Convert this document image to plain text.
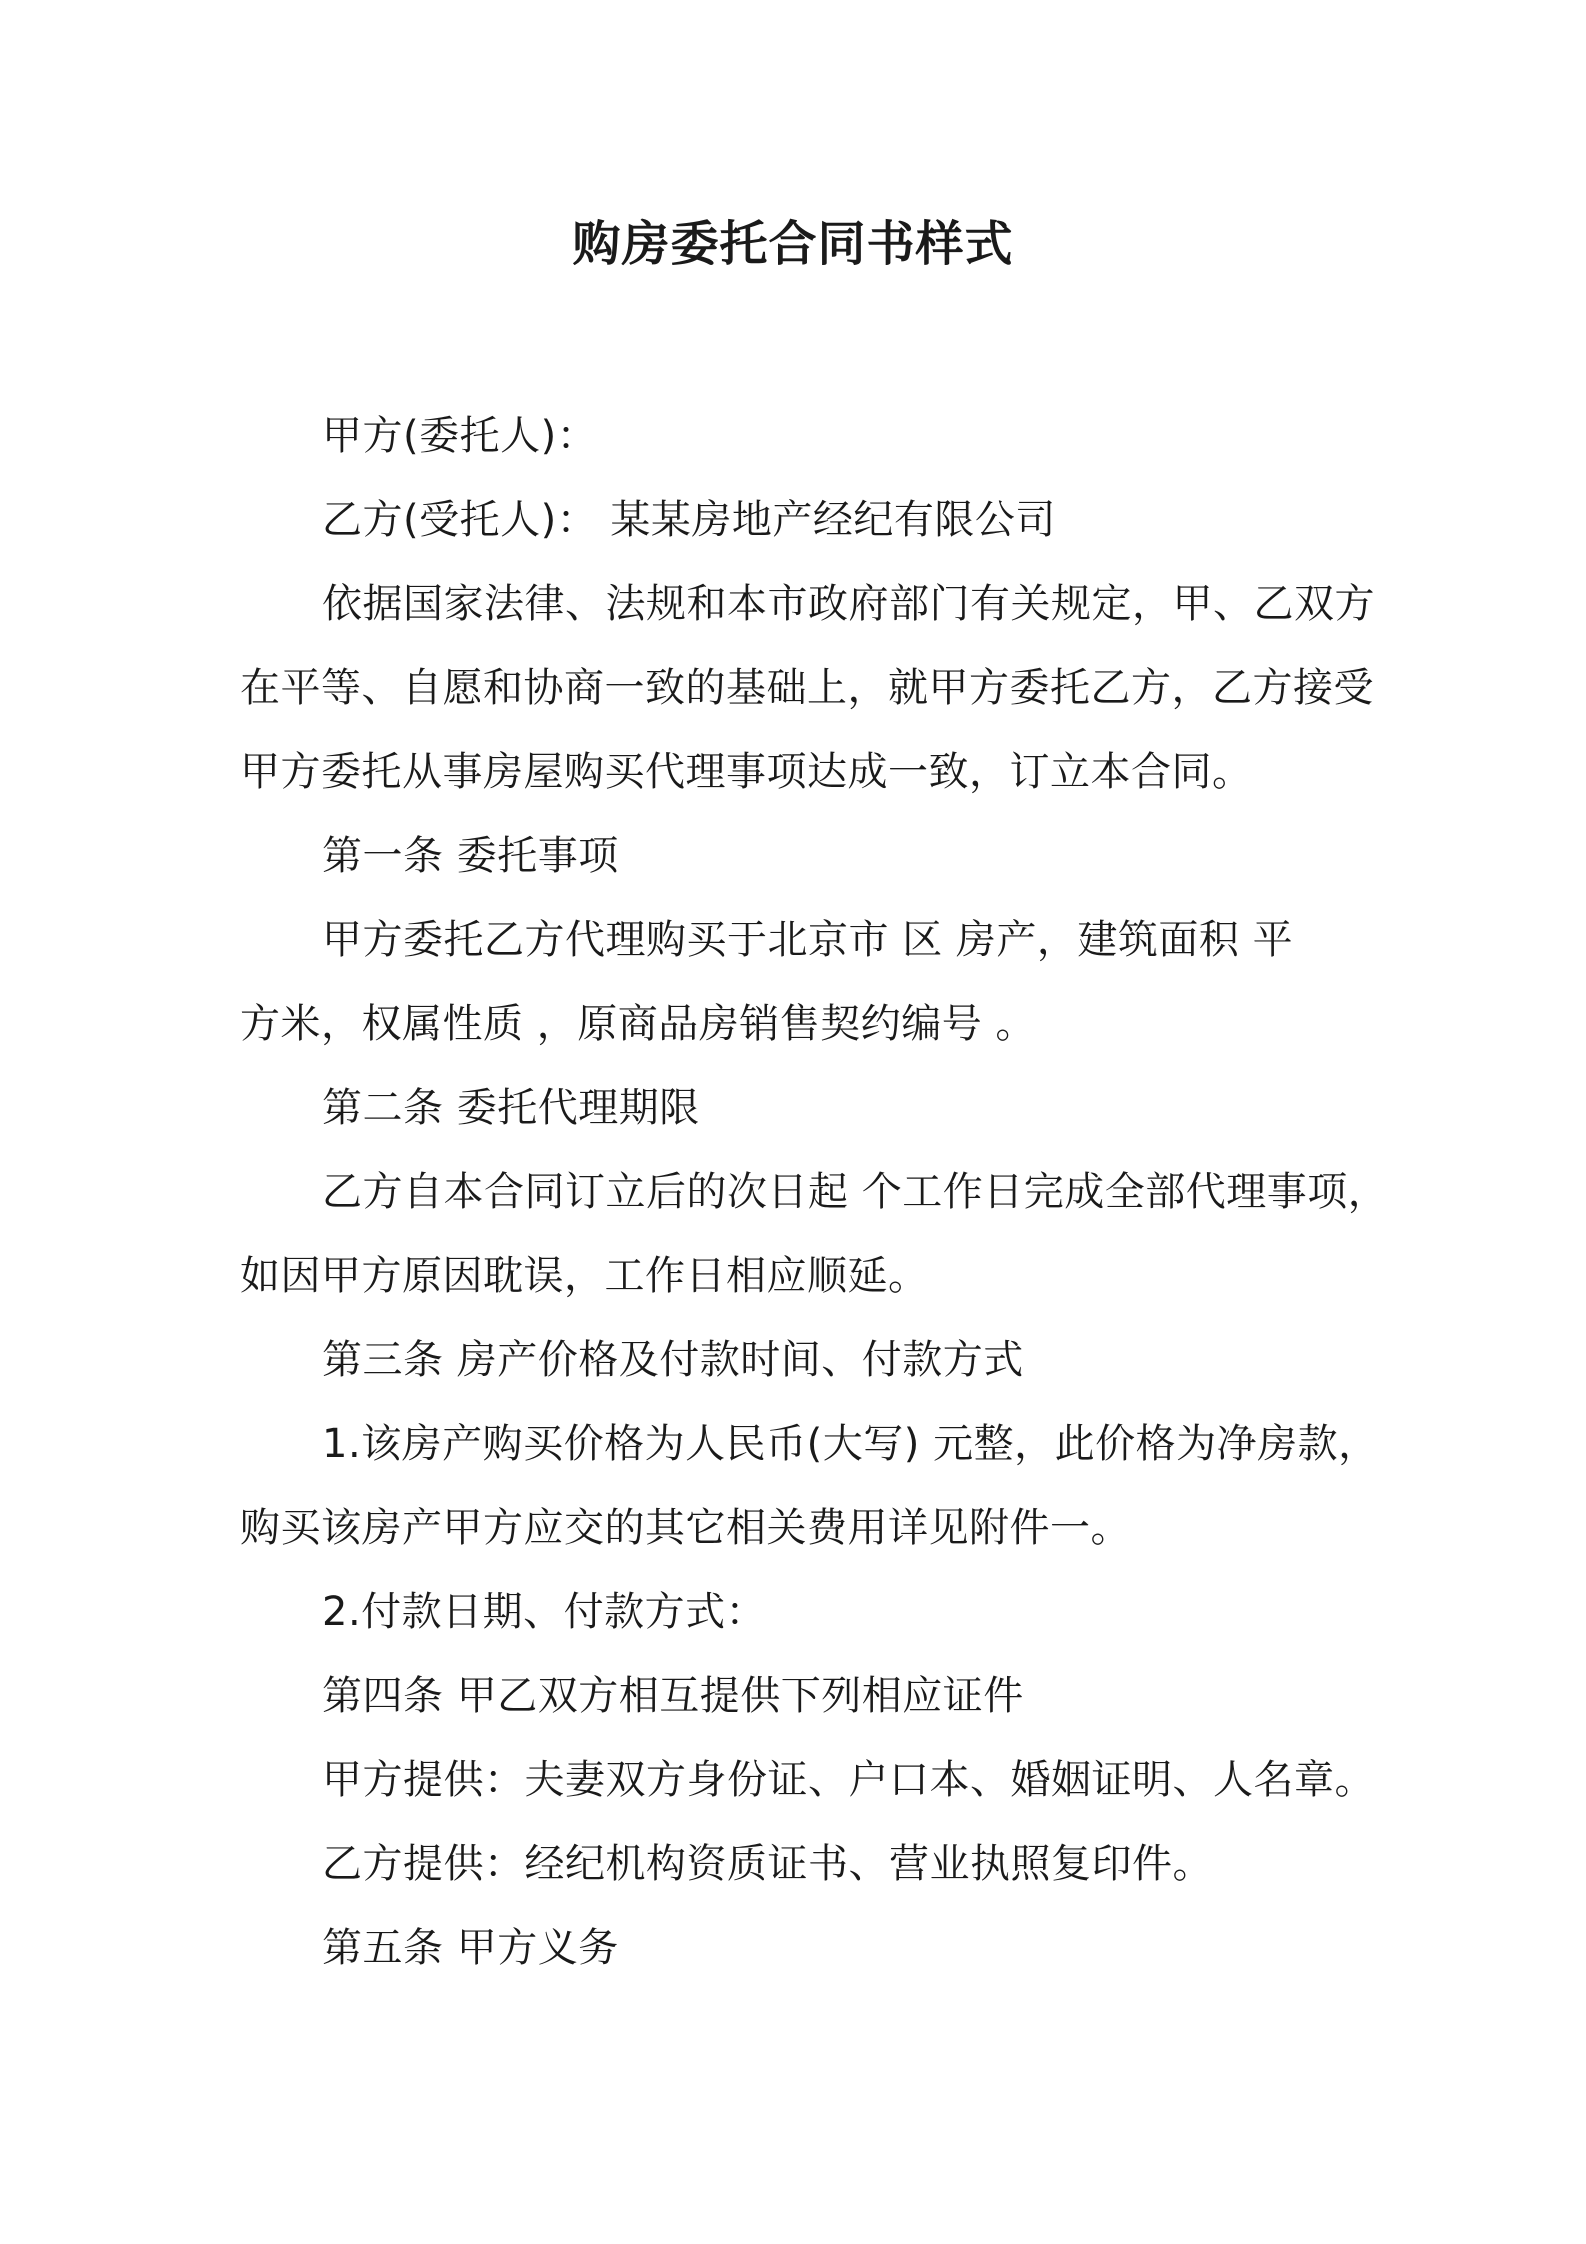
购房委托合同书样式
甲方(委托人)：
乙方(受托人)： 某某房地产经纪有限公司
依据国家法律、法规和本市政府部门有关规定，甲、乙双方
在平等、自愿和协商一致的基础上，就甲方委托乙方，乙方接受
甲方委托从事房屋购买代理事项达成一致，订立本合同。
第一条 委托事项
甲方委托乙方代理购买于北京市 区 房产，建筑面积 平
方米，权属性质 ，原商品房销售契约编号 。
第二条 委托代理期限
乙方自本合同订立后的次日起 个工作日完成全部代理事项，
如因甲方原因耽误，工作日相应顺延。
第三条 房产价格及付款时间、付款方式
1.该房产购买价格为人民币(大写) 元整，此价格为净房款，
购买该房产甲方应交的其它相关费用详见附件一。
2.付款日期、付款方式：
第四条 甲乙双方相互提供下列相应证件
甲方提供：夫妻双方身份证、户口本、婚姻证明、人名章。
乙方提供：经纪机构资质证书、营业执照复印件。
第五条 甲方义务
